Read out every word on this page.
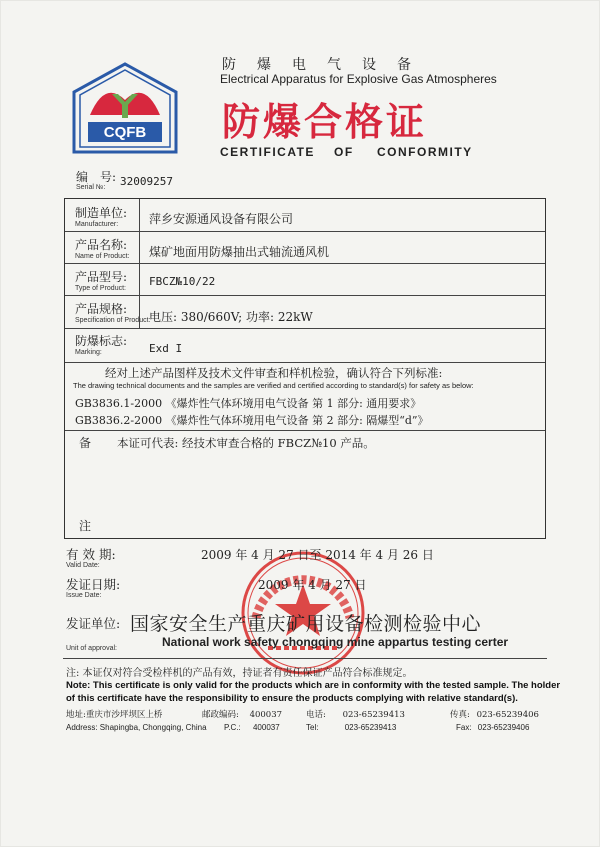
CQFB
防爆电气设备
Electrical Apparatus for Explosive Gas Atmospheres
防爆合格证
CERTIFICATE OF CONFORMITY
编　号:
Serial №: 32009257
制造单位:
Manufacturer:	萍乡安源通风设备有限公司
产品名称:
Name of Product: 煤矿地面用防爆抽出式轴流通风机
产品型号:
Type of Product:
FBCZ№10/22
产品规格:
Specification of Product:
电压: 380/660V; 功率: 22kW
防爆标志:
Marking:	Exd I
经对上述产品图样及技术文件审查和样机检验，确认符合下列标准:
The drawing technical documents and the samples are verified and certified according to standard(s) for safety as below:
GB3836.1-2000 《爆炸性气体环境用电气设备 第 1 部分: 通用要求》
GB3836.2-2000 《爆炸性气体环境用电气设备 第 2 部分: 隔爆型“d”》
备
注
本证可代表: 经技术审查合格的 FBCZ№10 产品。
有 效 期:
Valid Date:
2009 年 4 月 27 日至 2014 年 4 月 26 日
发证日期:
Issue Date:
2009 年 4 月 27 日
发证单位:
Unit of approval:
国家安全生产重庆矿用设备检测检验中心
National work safety chongqing mine appartus testing certer
注: 本证仅对符合受检样机的产品有效，持证者有责任保证产品符合标准规定。
Note: This certificate is only valid for the products which are in conformity with the tested sample. The holder
of this certificate have the responsibility to ensure the products complying with relative standard(s).
地址:重庆市沙坪坝区上桥	邮政编码: 400037	电话: 023-65239413	传真: 023-65239406
Address: Shapingba, Chongqing, China P.C.: 400037	Tel:	023-65239413	Fax: 023-65239406
